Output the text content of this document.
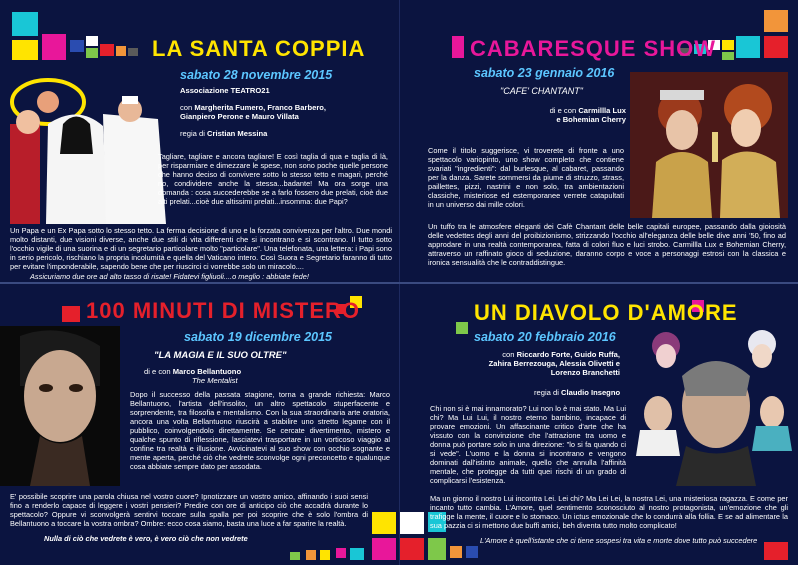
LA SANTA COPPIA
sabato 28 novembre 2015
Associazione TEATRO21
con Margherita Fumero, Franco Barbero, Gianpiero Perone e Mauro Villata
regia di Cristian Messina
Tagliare, tagliare e ancora tagliare! E così taglia di qua e taglia di là, per risparmiare e dimezzare le spese, non sono poche quelle persone che hanno deciso di convivere sotto lo stesso tetto e magari, perché no, condividere anche la stessa...badante! Ma ora sorge una domanda : cosa succederebbe se a farlo fossero due prelati, cioè due alti prelati...cioè due altissimi prelati...insomma: due Papi?
Un Papa e un Ex Papa sotto lo stesso tetto. La ferma decisione di uno e la forzata convivenza per l'altro. Due mondi molto distanti, due visioni diverse, anche due stili di vita differenti che si incontrano e si scontrano. Il tutto sotto l'occhio vigile di una suorina e di un segretario particolare molto "particolare". Una telefonata, una lettera: i Papi sono in serio pericolo, rischiano la propria incolumità e quella del Vaticano intero. Così Suora e Segretario faranno di tutto per evitare l'imponderabile, sapendo bene che per riuscirci ci vorrebbe solo un miracolo....
Assicuriamo due ore ad alto tasso di risate! Fidatevi figliuoli....o meglio : abbiate fede!
CABARESQUE SHOW
sabato 23 gennaio 2016
"CAFE' CHANTANT"
di e con Carmillla Lux
e Bohemian Cherry
Come il titolo suggerisce, vi troverete di fronte a uno spettacolo variopinto, uno show completo che contiene svariati "ingredienti": dal burlesque, al cabaret, passando per la danza. Sarete sommersi da piume di struzzo, strass, paillettes, pizzi, nastrini e non solo, tra ambientazioni classiche, misteriose ed estemporanee verrete catapultati in un universo dai mille colori.
Un tuffo tra le atmosfere eleganti dei Cafè Chantant delle belle capitali europee, passando dalla gioiosità delle vedettes degli anni del proibizionismo, strizzando l'occhio all'eleganza delle belle dive anni '50, fino ad approdare in una realtà contemporanea, fatta di colori fluo e luci strobo. Carmillla Lux e Bohemian Cherry, attraverso un raffinato gioco di seduzione, daranno corpo e voce a personaggi estrosi con la classica e ironica sensualità che le contraddistingue.
100 MINUTI DI MISTERO
sabato 19 dicembre 2015
"LA MAGIA E IL SUO OLTRE"
di e con Marco Bellantuono
The Mentalist
Dopo il successo della passata stagione, torna a grande richiesta: Marco Bellantuono, l'artista dell'insolito, un altro spettacolo stuperfacente e sorprendente, tra filosofia e mentalismo. Con la sua straordinaria arte oratoria, ancora una volta Bellantuono riuscirà a stabilire uno stretto legame con il pubblico, coinvolgendolo direttamente. Se cercate divertimento, mistero e qualche spunto di riflessione, lasciatevi trasportare in un vorticoso viaggio al confine tra realtà e illusione. Avvicinatevi al suo show con occhio sognante e mente aperta, perché ciò che vedrete sconvolge ogni preconcetto e qualunque cosa abbiate sempre dato per assodata.
E' possibile scoprire una parola chiusa nel vostro cuore? Ipnotizzare un vostro amico, affinando i suoi sensi fino a renderlo capace di leggere i vostri pensieri? Predire con ore di anticipo ciò che accadrà durante lo spettacolo? Oppure vi sconvolgerà sentirvi toccare sulla spalla per poi scoprire che è solo l'ombra di Bellantuono a toccare la vostra ombra? Ombre: ecco cosa siamo, basta una luce a far sparire la realtà.
Nulla di ciò che vedrete è vero, è vero ciò che non vedrete
UN DIAVOLO D'AMORE
sabato 20 febbraio 2016
con Riccardo Forte, Guido Ruffa, Zahira Berrezouga, Alessia Olivetti e Lorenzo Branchetti
regia di Claudio Insegno
Chi non si è mai innamorato? Lui non lo è mai stato. Ma Lui chi? Ma Lui Lui, il nostro eterno bambino, incapace di provare emozioni. Un affascinante critico d'arte che ha vissuto con la convinzione che l'attrazione tra uomo e donna può portare solo in una direzione: "lo si fa quando ci si vede". L'uomo e la donna si incontrano e vengono dominati dall'istinto animale, quello che annulla l'affinità mentale, che protegge da tutti quei rischi di un grado di complicarsi l'esistenza.
Ma un giorno il nostro Lui incontra Lei. Lei chi? Ma Lei Lei, la nostra Lei, una misteriosa ragazza. E come per incanto tutto cambia. L'Amore, quel sentimento sconosciuto al nostro protagonista, un'emozione che gli trafigge la mente, il cuore e lo stomaco. Un ictus emozionale che lo condurrà alla follia. E se ad alimentare la sua pazzia ci si mettono due buffi amici, beh diventa tutto molto complicato!
L'Amore è quell'istante che ci tiene sospesi tra vita e morte dove tutto può succedere
